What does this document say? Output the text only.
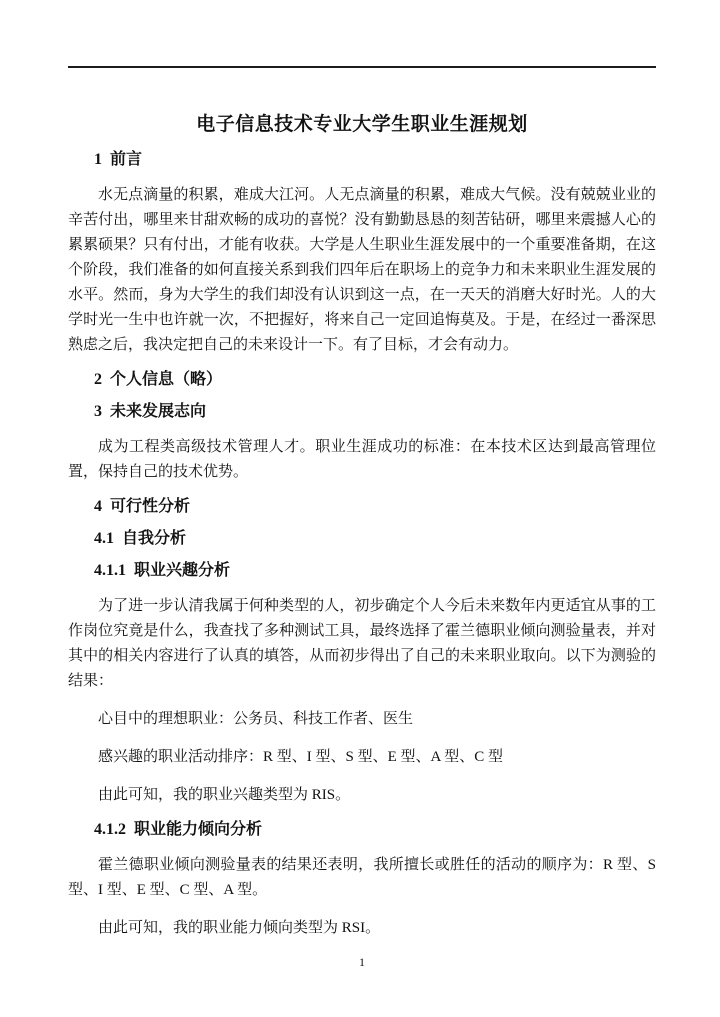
电子信息技术专业大学生职业生涯规划
1  前言

水无点滴量的积累，难成大江河。人无点滴量的积累，难成大气候。没有兢兢业业的辛苦付出，哪里来甘甜欢畅的成功的喜悦？没有勤勤恳恳的刻苦钻研，哪里来震撼人心的累累硕果？只有付出，才能有收获。大学是人生职业生涯发展中的一个重要准备期，在这个阶段，我们准备的如何直接关系到我们四年后在职场上的竞争力和未来职业生涯发展的水平。然而，身为大学生的我们却没有认识到这一点，在一天天的消磨大好时光。人的大学时光一生中也许就一次，不把握好，将来自己一定回追悔莫及。于是，在经过一番深思熟虑之后，我决定把自己的未来设计一下。有了目标，才会有动力。

2  个人信息（略）
3  未来发展志向

成为工程类高级技术管理人才。职业生涯成功的标准：在本技术区达到最高管理位置，保持自己的技术优势。

4  可行性分析
4.1  自我分析
4.1.1  职业兴趣分析

为了进一步认清我属于何种类型的人，初步确定个人今后未来数年内更适宜从事的工作岗位究竟是什么，我查找了多种测试工具，最终选择了霍兰德职业倾向测验量表，并对其中的相关内容进行了认真的填答，从而初步得出了自己的未来职业取向。以下为测验的结果：

心目中的理想职业：公务员、科技工作者、医生

感兴趣的职业活动排序：R 型、I 型、S 型、E 型、A 型、C 型

由此可知，我的职业兴趣类型为 RIS。

4.1.2  职业能力倾向分析

霍兰德职业倾向测验量表的结果还表明，我所擅长或胜任的活动的顺序为：R 型、S 型、I 型、E 型、C 型、A 型。

由此可知，我的职业能力倾向类型为 RSI。

1
